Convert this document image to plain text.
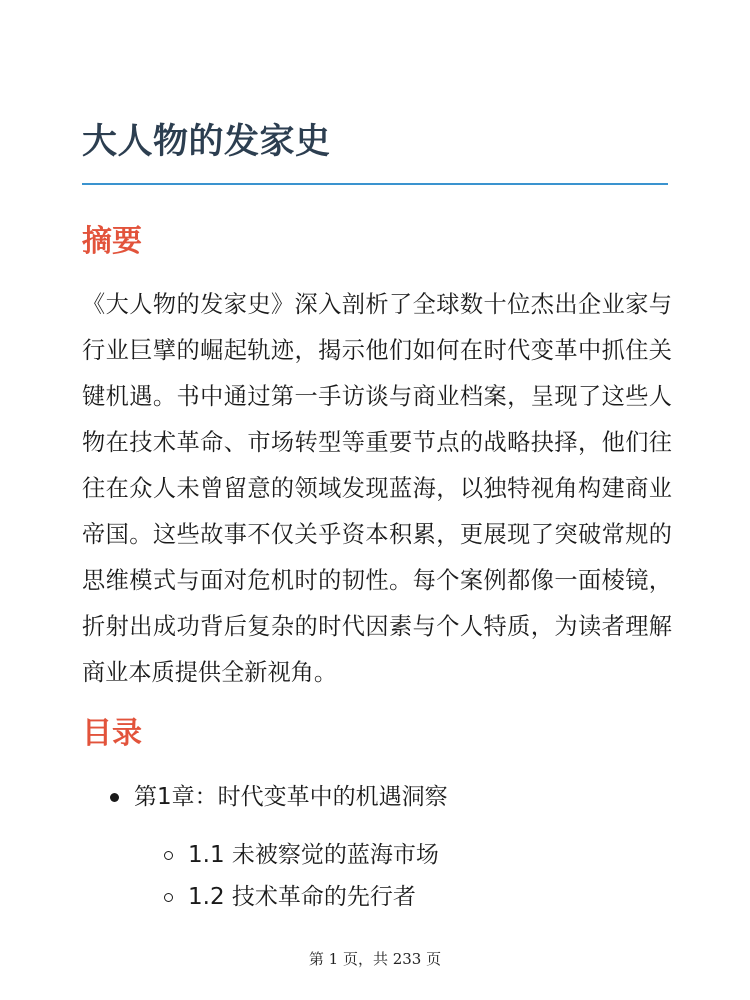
大人物的发家史
摘要

《大人物的发家史》深入剖析了全球数十位杰出企业家与行业巨擘的崛起轨迹，揭示他们如何在时代变革中抓住关键机遇。书中通过第一手访谈与商业档案，呈现了这些人物在技术革命、市场转型等重要节点的战略抉择，他们往往在众人未曾留意的领域发现蓝海，以独特视角构建商业帝国。这些故事不仅关乎资本积累，更展现了突破常规的思维模式与面对危机时的韧性。每个案例都像一面棱镜，折射出成功背后复杂的时代因素与个人特质，为读者理解商业本质提供全新视角。

目录
第1章：时代变革中的机遇洞察
1.1 未被察觉的蓝海市场
1.2 技术革命的先行者
第 1 页，共 233 页
